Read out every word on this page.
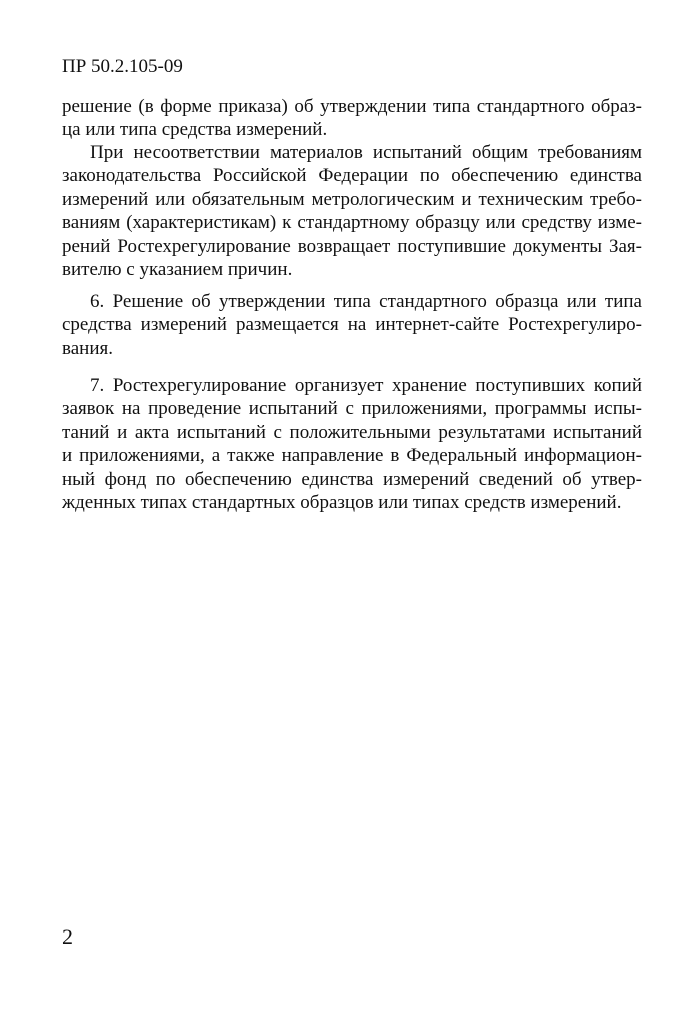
ПР 50.2.105-09
решение (в форме приказа) об утверждении типа стандартного образ-
ца или типа средства измерений.
При несоответствии материалов испытаний общим требованиям
законодательства Российской Федерации по обеспечению единства
измерений или обязательным метрологическим и техническим требо-
ваниям (характеристикам) к стандартному образцу или средству изме-
рений Ростехрегулирование возвращает поступившие документы Зая-
вителю с указанием причин.
6. Решение об утверждении типа стандартного образца или типа
средства измерений размещается на интернет-сайте Ростехрегулиро-
вания.
7. Ростехрегулирование организует хранение поступивших копий
заявок на проведение испытаний с приложениями, программы испы-
таний и акта испытаний с положительными результатами испытаний
и приложениями, а также направление в Федеральный информацион-
ный фонд по обеспечению единства измерений сведений об утвер-
жденных типах стандартных образцов или типах средств измерений.
2
